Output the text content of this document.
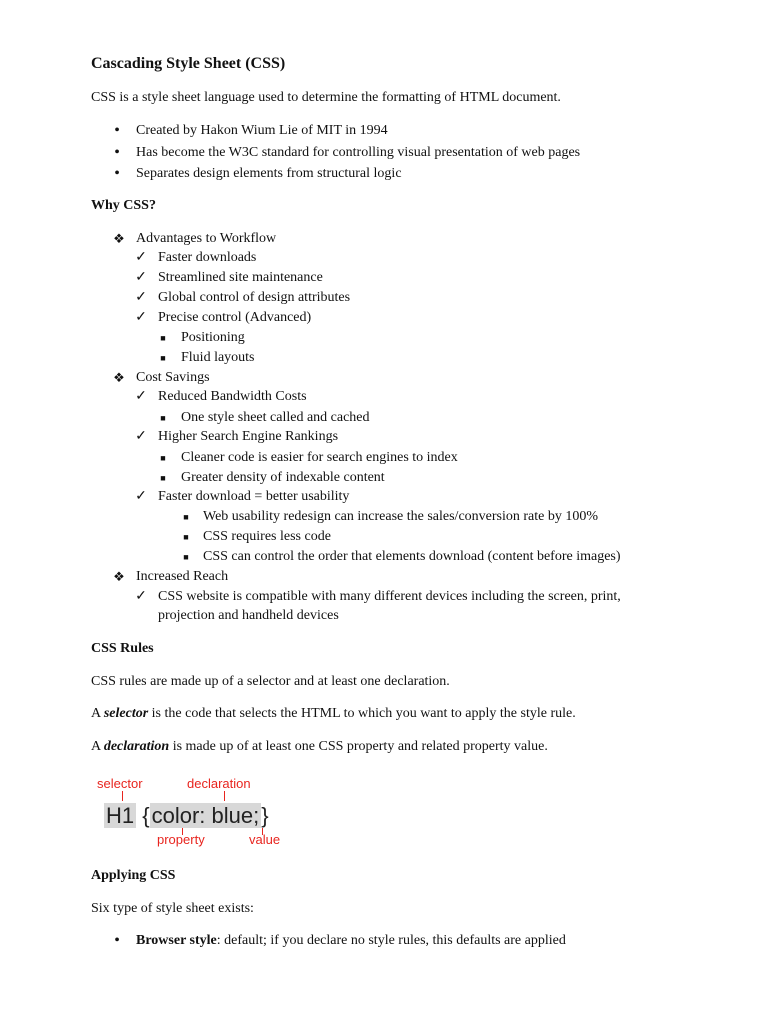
Cascading Style Sheet (CSS)
CSS is a style sheet language used to determine the formatting of HTML document.
•	Created by Hakon Wium Lie of MIT in 1994
•	Has become the W3C standard for controlling visual presentation of web pages
•	Separates design elements from structural logic
Why CSS?
❖ Advantages to Workflow
✓ Faster downloads
✓ Streamlined site maintenance
✓ Global control of design attributes
✓ Precise control (Advanced)
■	Positioning
■	Fluid layouts
❖ Cost Savings
✓ Reduced Bandwidth Costs
■	One style sheet called and cached
✓ Higher Search Engine Rankings
■	Cleaner code is easier for search engines to index
■	Greater density of indexable content
✓ Faster download = better usability
■	Web usability redesign can increase the sales/conversion rate by 100%
■	CSS requires less code
■	CSS can control the order that elements download (content before images)
❖ Increased Reach
✓ CSS website is compatible with many different devices including the screen, print,
projection and handheld devices
CSS Rules
CSS rules are made up of a selector and at least one declaration.
A selector is the code that selects the HTML to which you want to apply the style rule.
A declaration is made up of at least one CSS property and related property value.
selector	declaration
H1 {color: blue;}
property	value
Applying CSS
Six type of style sheet exists:
•	Browser style: default; if you declare no style rules, this defaults are applied
